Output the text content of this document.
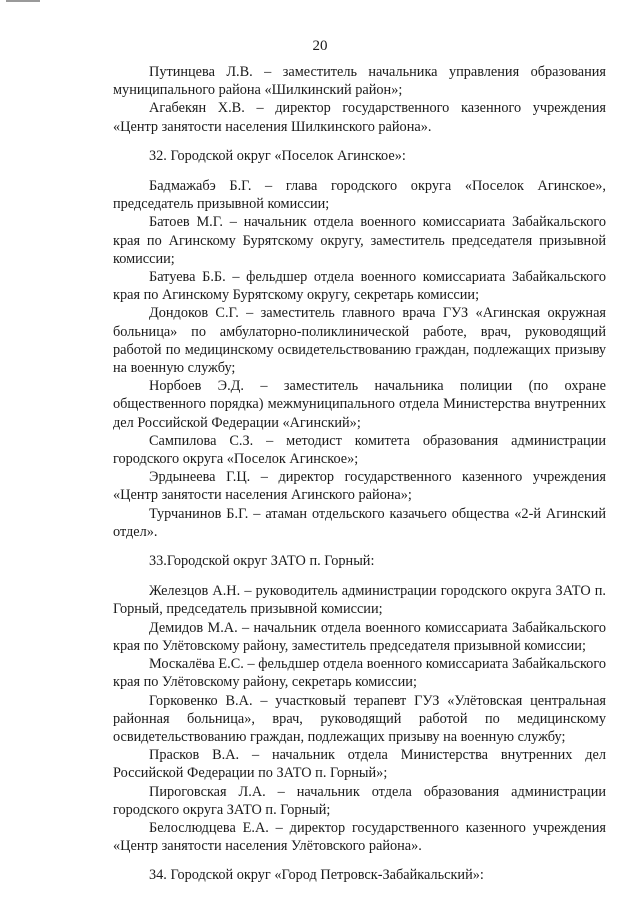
20

Путинцева Л.В. – заместитель начальника управления образования муниципального района «Шилкинский район»;

Агабекян Х.В. – директор государственного казенного учреждения «Центр занятости населения Шилкинского района».

32. Городской округ «Поселок Агинское»:

Бадмажабэ Б.Г. – глава городского округа «Поселок Агинское», председатель призывной комиссии;

Батоев М.Г. – начальник отдела военного комиссариата Забайкальского края по Агинскому Бурятскому округу, заместитель председателя призывной комиссии;

Батуева Б.Б. – фельдшер отдела военного комиссариата Забайкальского края по Агинскому Бурятскому округу, секретарь комиссии;

Дондоков С.Г. – заместитель главного врача ГУЗ «Агинская окружная больница» по амбулаторно-поликлинической работе, врач, руководящий работой по медицинскому освидетельствованию граждан, подлежащих призыву на военную службу;

Норбоев Э.Д. – заместитель начальника полиции (по охране общественного порядка) межмуниципального отдела Министерства внутренних дел Российской Федерации «Агинский»;

Сампилова С.З. – методист комитета образования администрации городского округа «Поселок Агинское»;

Эрдынеева Г.Ц. – директор государственного казенного учреждения «Центр занятости населения Агинского района»;

Турчанинов Б.Г. – атаман отдельского казачьего общества «2-й Агинский отдел».

33.Городской округ ЗАТО п. Горный:

Железцов А.Н. – руководитель администрации городского округа ЗАТО п. Горный, председатель призывной комиссии;

Демидов М.А. – начальник отдела военного комиссариата Забайкальского края по Улётовскому району, заместитель председателя призывной комиссии;

Москалёва Е.С. – фельдшер отдела военного комиссариата Забайкальского края по Улётовскому району, секретарь комиссии;

Горковенко В.А. – участковый терапевт ГУЗ «Улётовская центральная районная больница», врач, руководящий работой по медицинскому освидетельствованию граждан, подлежащих призыву на военную службу;

Прасков В.А. – начальник отдела Министерства внутренних дел Российской Федерации по ЗАТО п. Горный»;

Пироговская Л.А. – начальник отдела образования администрации городского округа ЗАТО п. Горный;

Белослюдцева Е.А. – директор государственного казенного учреждения «Центр занятости населения Улётовского района».

34. Городской округ «Город Петровск-Забайкальский»:
